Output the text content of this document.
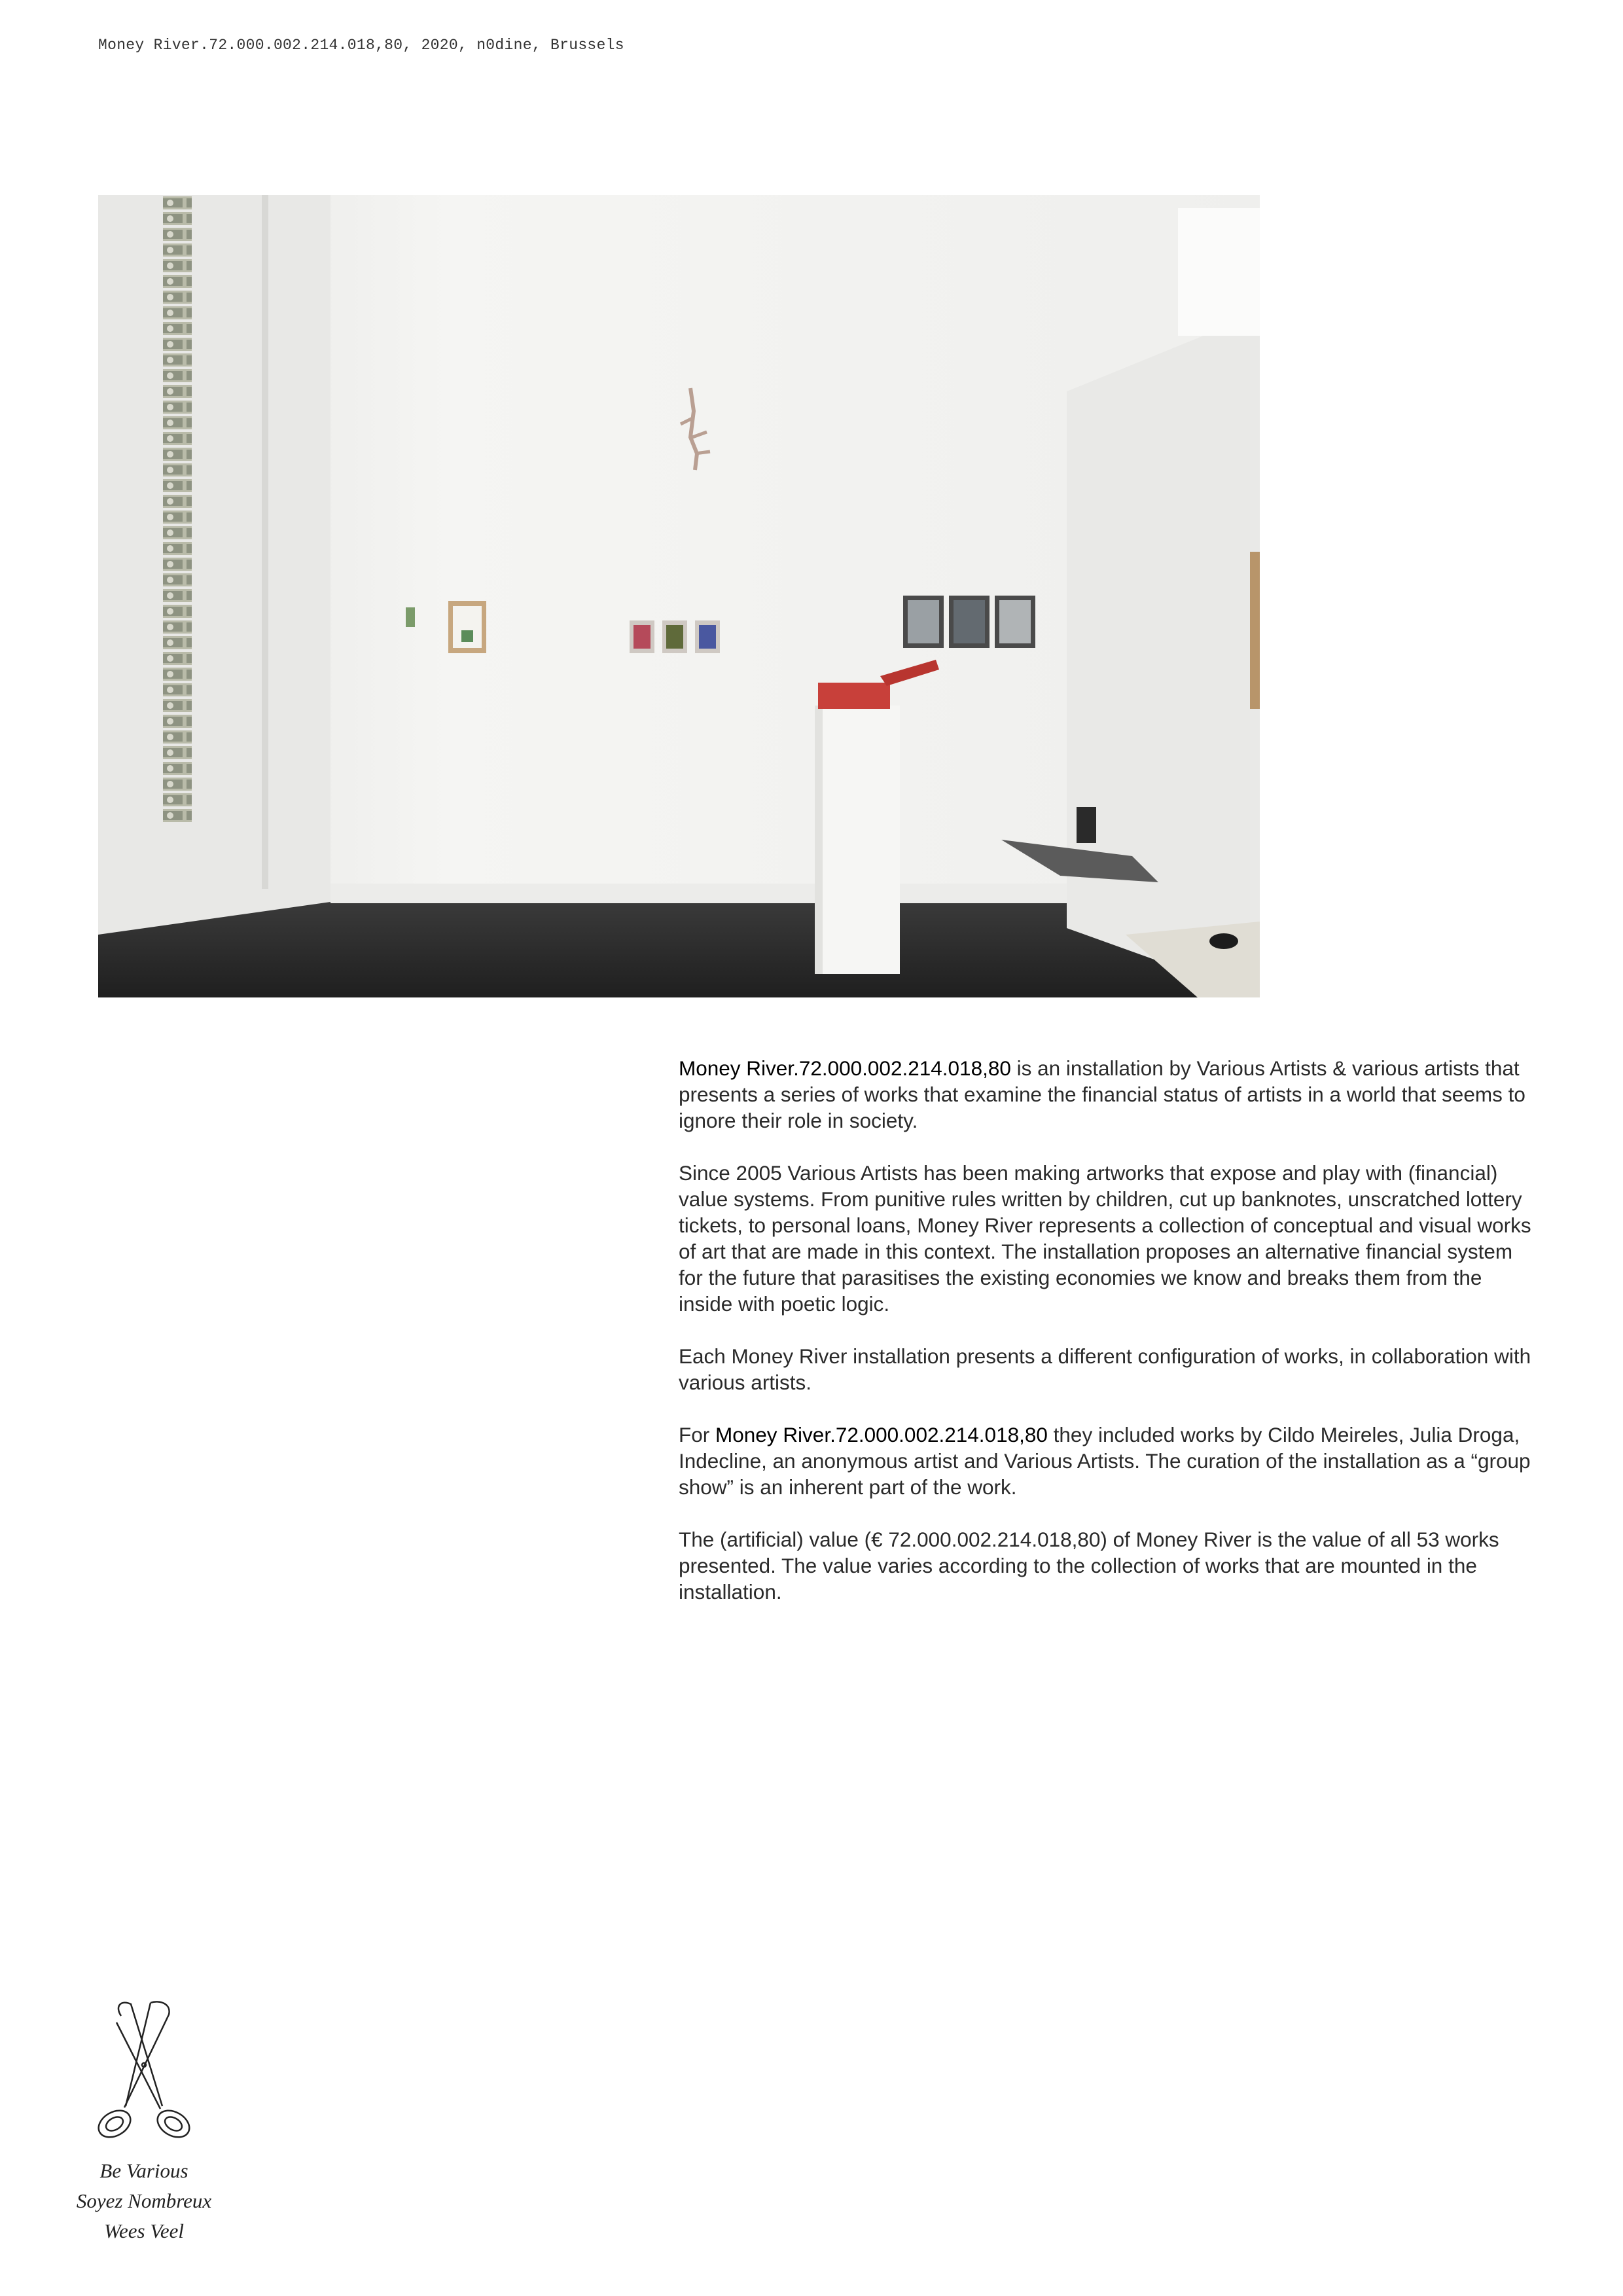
Money River.72.000.002.214.018,80, 2020, n0dine, Brussels

Money River.72.000.002.214.018,80 is an installation by Various Artists & various artists that presents a series of works that examine the financial status of artists in a world that seems to ignore their role in society.

Since 2005 Various Artists has been making artworks that expose and play with (financial) value systems. From punitive rules written by children, cut up banknotes, unscratched lottery tickets, to personal loans, Money River represents a collection of conceptual and visual works of art that are made in this context. The installation proposes an alternative financial system for the future that parasitises the existing economies we know and breaks them from the inside with poetic logic.

Each Money River installation presents a different configuration of works, in collaboration with various artists.

For Money River.72.000.002.214.018,80 they included works by Cildo Meireles, Julia Droga, Indecline, an anonymous artist and Various Artists. The curation of the installation as a “group show” is an inherent part of the work.

The (artificial) value (€ 72.000.002.214.018,80) of Money River is the value of all 53 works presented. The value varies according to the collection of works that are mounted in the installation.

Be Various
Soyez Nombreux
Wees Veel
